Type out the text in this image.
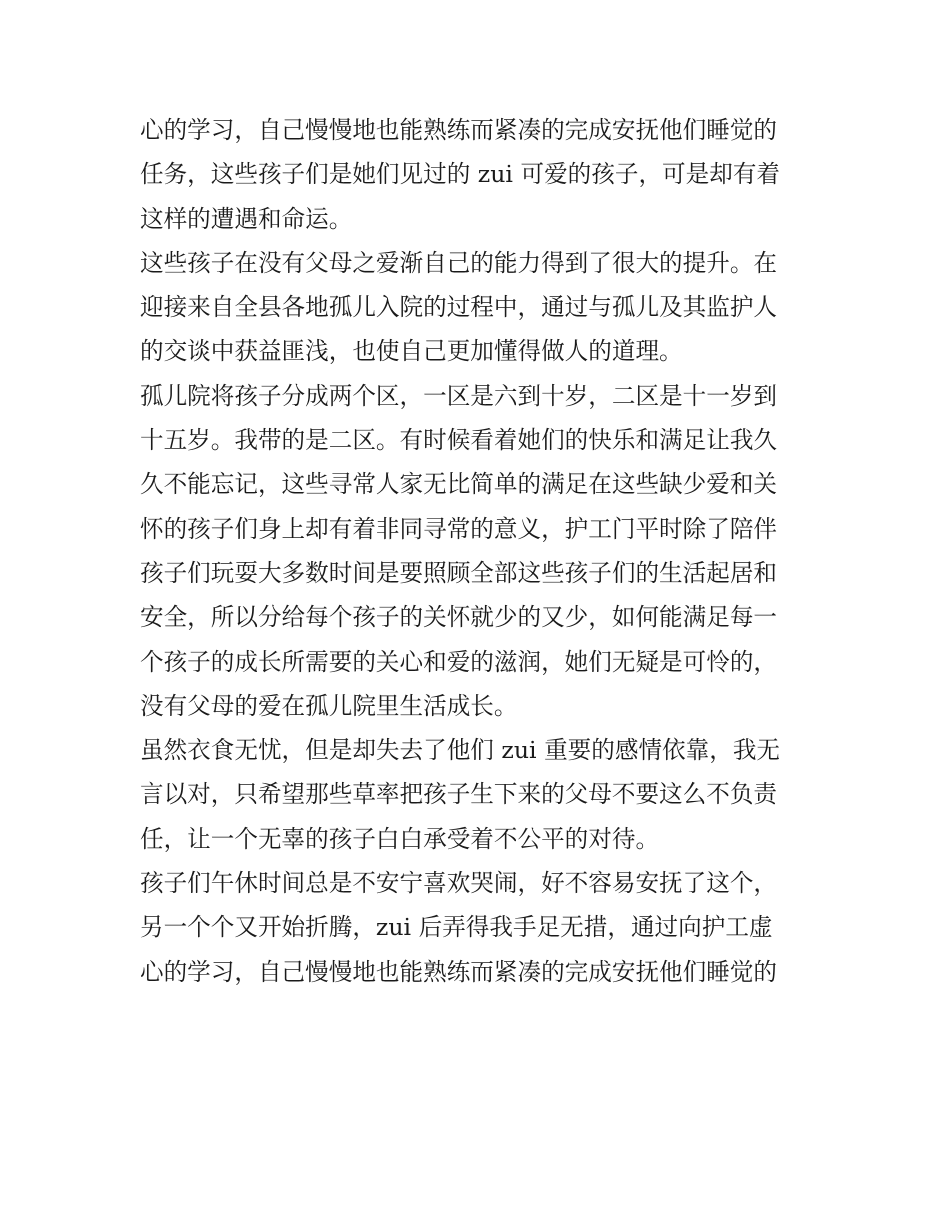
心的学习，自己慢慢地也能熟练而紧凑的完成安抚他们睡觉的
任务，这些孩子们是她们见过的 zui 可爱的孩子，可是却有着
这样的遭遇和命运。
这些孩子在没有父母之爱渐自己的能力得到了很大的提升。在
迎接来自全县各地孤儿入院的过程中，通过与孤儿及其监护人
的交谈中获益匪浅，也使自己更加懂得做人的道理。
孤儿院将孩子分成两个区，一区是六到十岁，二区是十一岁到
十五岁。我带的是二区。有时候看着她们的快乐和满足让我久
久不能忘记，这些寻常人家无比简单的满足在这些缺少爱和关
怀的孩子们身上却有着非同寻常的意义，护工门平时除了陪伴
孩子们玩耍大多数时间是要照顾全部这些孩子们的生活起居和
安全，所以分给每个孩子的关怀就少的又少，如何能满足每一
个孩子的成长所需要的关心和爱的滋润，她们无疑是可怜的，
没有父母的爱在孤儿院里生活成长。
虽然衣食无忧，但是却失去了他们 zui 重要的感情依靠，我无
言以对，只希望那些草率把孩子生下来的父母不要这么不负责
任，让一个无辜的孩子白白承受着不公平的对待。
孩子们午休时间总是不安宁喜欢哭闹，好不容易安抚了这个，
另一个个又开始折腾，zui 后弄得我手足无措，通过向护工虚
心的学习，自己慢慢地也能熟练而紧凑的完成安抚他们睡觉的
